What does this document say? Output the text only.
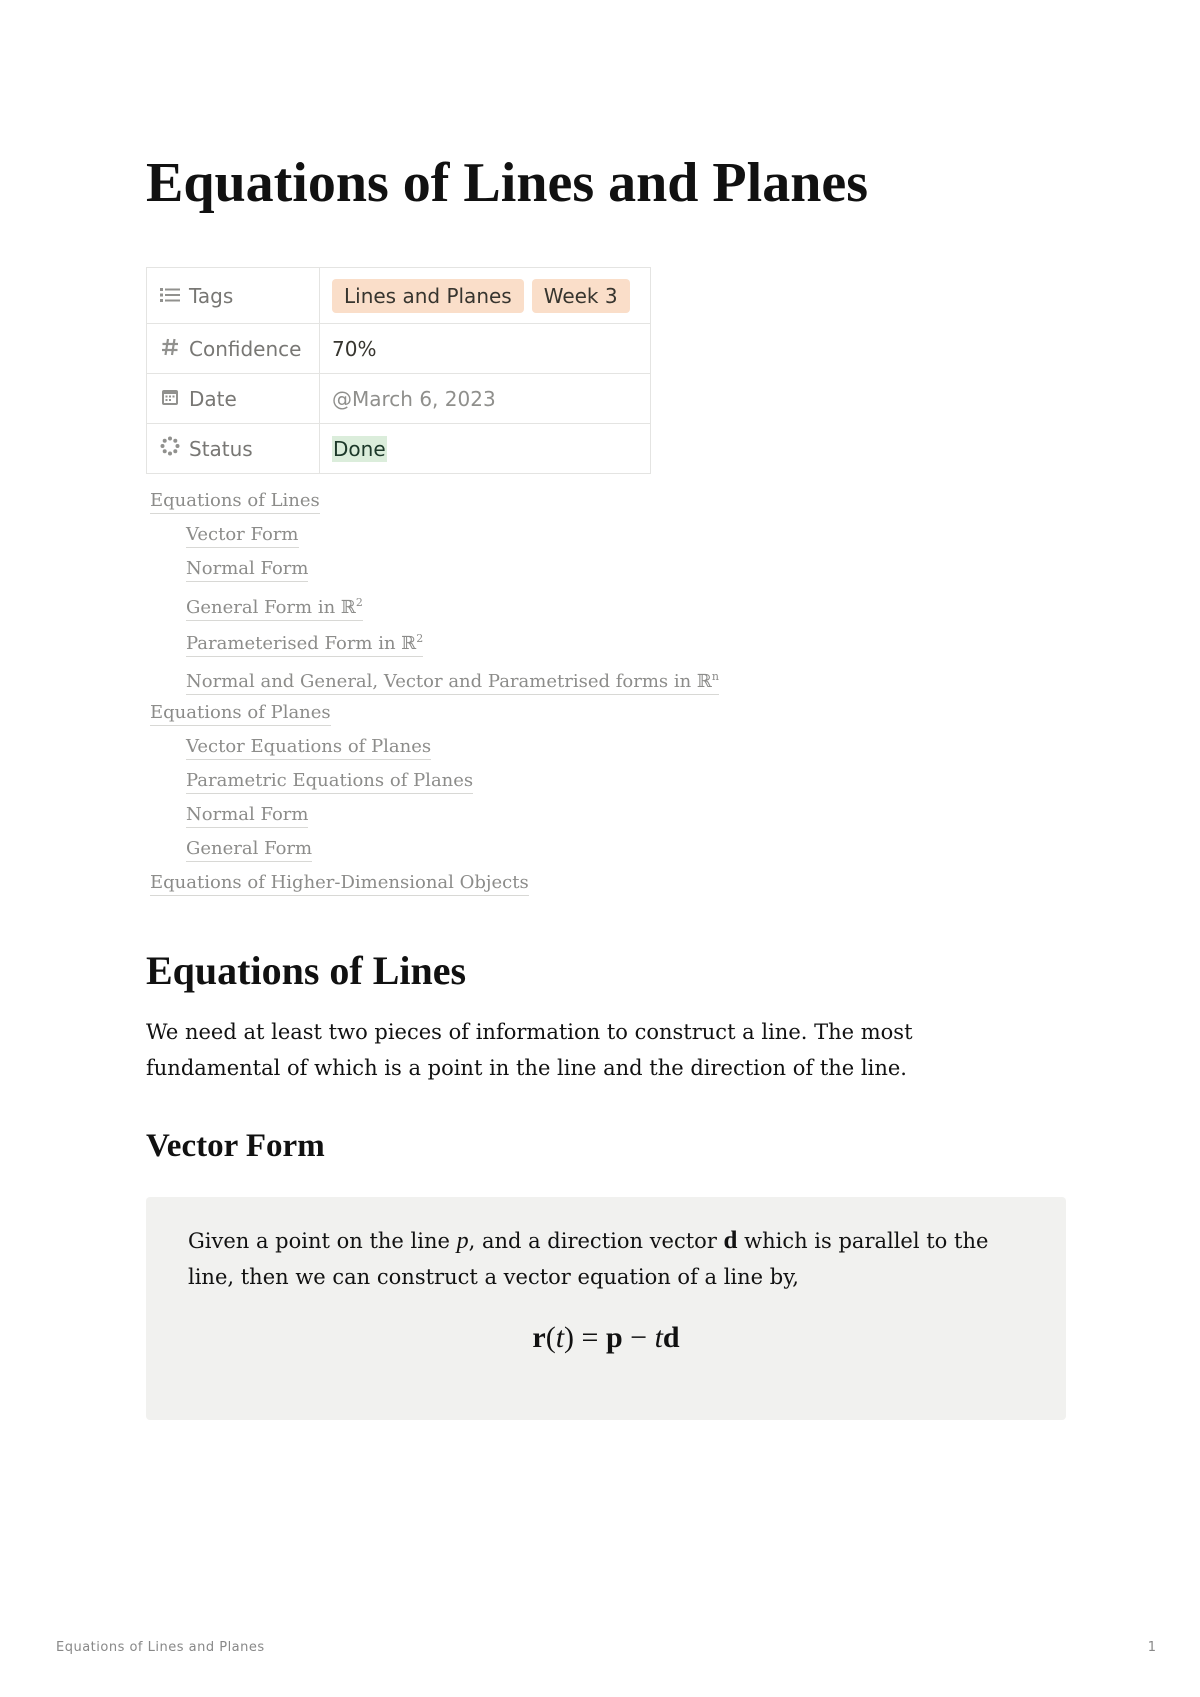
Equations of Lines and Planes
Tags	Lines and Planes Week 3
Confidence	70%
Date	@March 6, 2023
Status	Done
Equations of Lines
Vector Form
Normal Form
General Form in ℝ$^2$
Parameterised Form in ℝ$^2$
Normal and General, Vector and Parametrised forms in ℝ$^n$
Equations of Planes
Vector Equations of Planes
Parametric Equations of Planes
Normal Form
General Form
Equations of Higher-Dimensional Objects
Equations of Lines

We need at least two pieces of information to construct a line. The most fundamental of which is a point in the line and the direction of the line.

Vector Form

Given a point on the line p, and a direction vector d which is parallel to the line, then we can construct a vector equation of a line by,

r(t) = p − td
Equations of Lines and Planes	1
